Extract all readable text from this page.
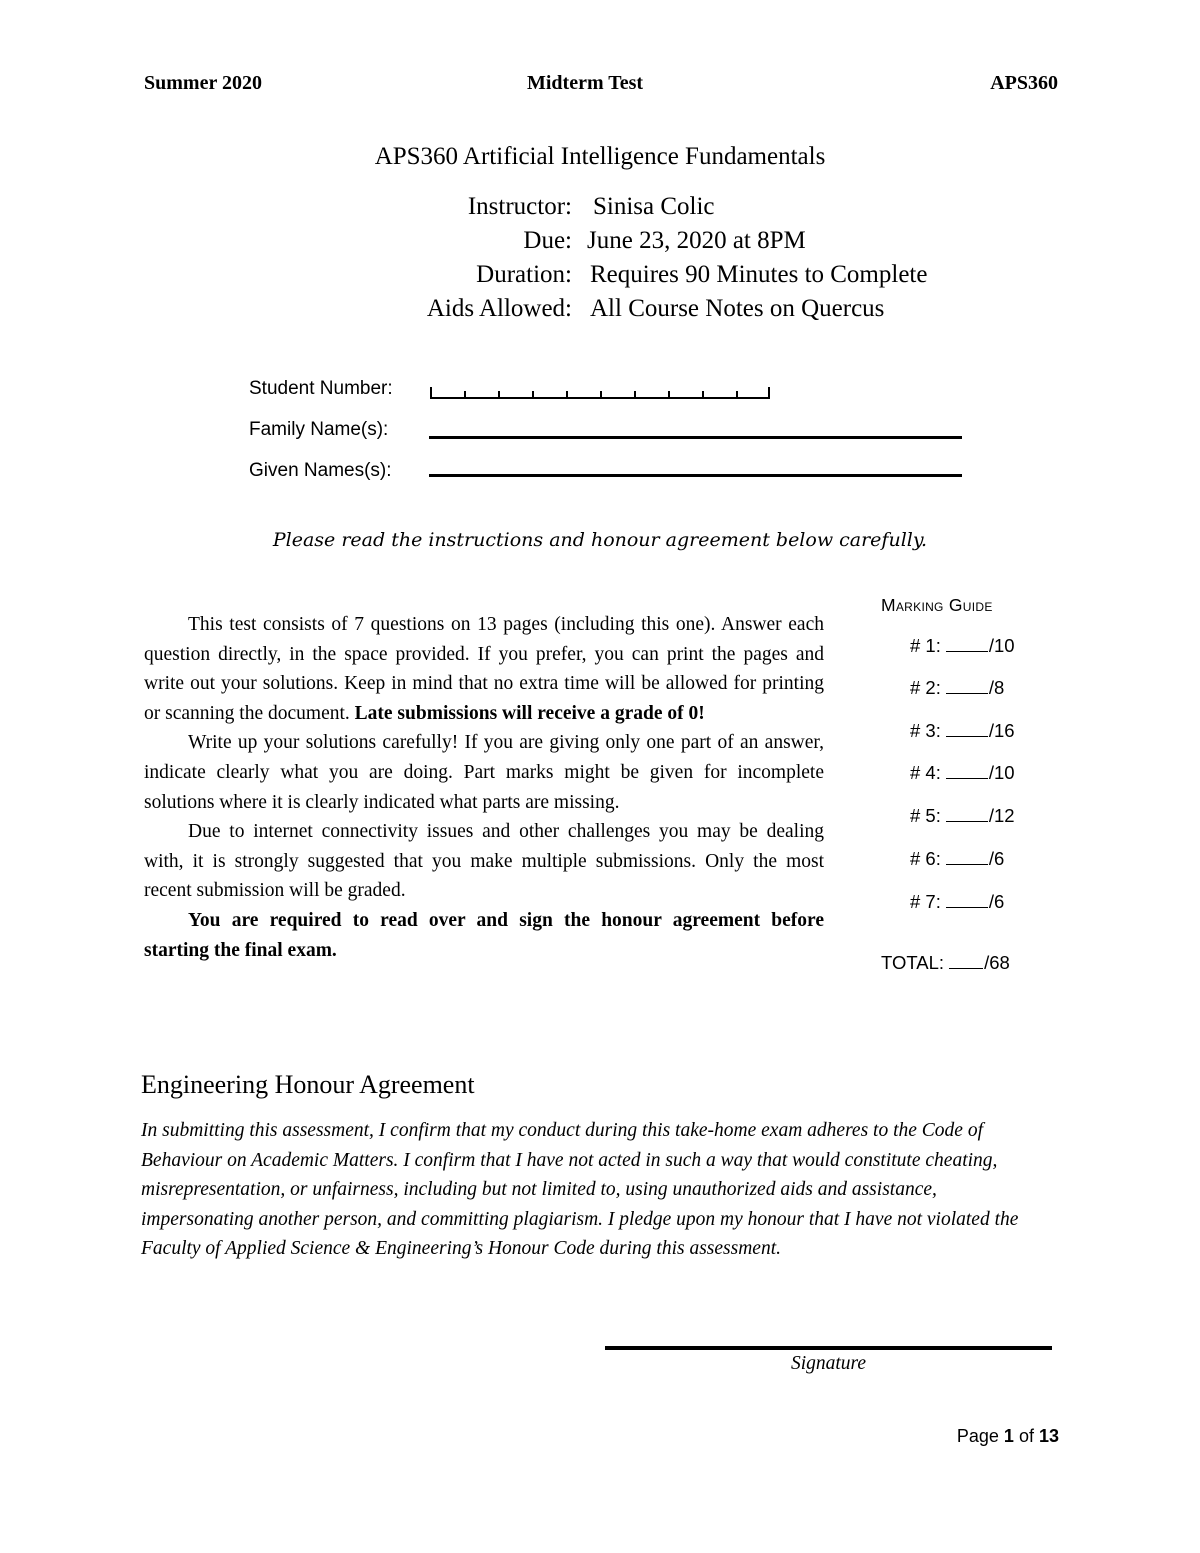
Summer 2020	Midterm Test	APS360
APS360 Artificial Intelligence Fundamentals
Instructor: Sinisa Colic
Due: June 23, 2020 at 8PM
Duration: Requires 90 Minutes to Complete
Aids Allowed: All Course Notes on Quercus
Student Number:
Family Name(s):
Given Names(s):
Please read the instructions and honour agreement below carefully.

This test consists of 7 questions on 13 pages (including this one). Answer each question directly, in the space provided. If you prefer, you can print the pages and write out your solutions. Keep in mind that no extra time will be allowed for printing or scanning the document. Late submissions will receive a grade of 0!

Write up your solutions carefully! If you are giving only one part of an answer, indicate clearly what you are doing. Part marks might be given for incomplete solutions where it is clearly indicated what parts are missing.

Due to internet connectivity issues and other challenges you may be dealing with, it is strongly suggested that you make multiple submissions. Only the most recent submission will be graded.

You are required to read over and sign the honour agreement before starting the final exam.

Marking Guide
# 1:	/10
# 2:	/8
# 3:	/16
# 4:	/10
# 5:	/12
# 6:	/6
# 7:	/6
TOTAL: /68
Engineering Honour Agreement
In submitting this assessment, I confirm that my conduct during this take-home exam adheres to the Code of Behaviour on Academic Matters. I confirm that I have not acted in such a way that would constitute cheating, misrepresentation, or unfairness, including but not limited to, using unauthorized aids and assistance, impersonating another person, and committing plagiarism. I pledge upon my honour that I have not violated the Faculty of Applied Science & Engineering’s Honour Code during this assessment.
Signature
Page 1 of 13
